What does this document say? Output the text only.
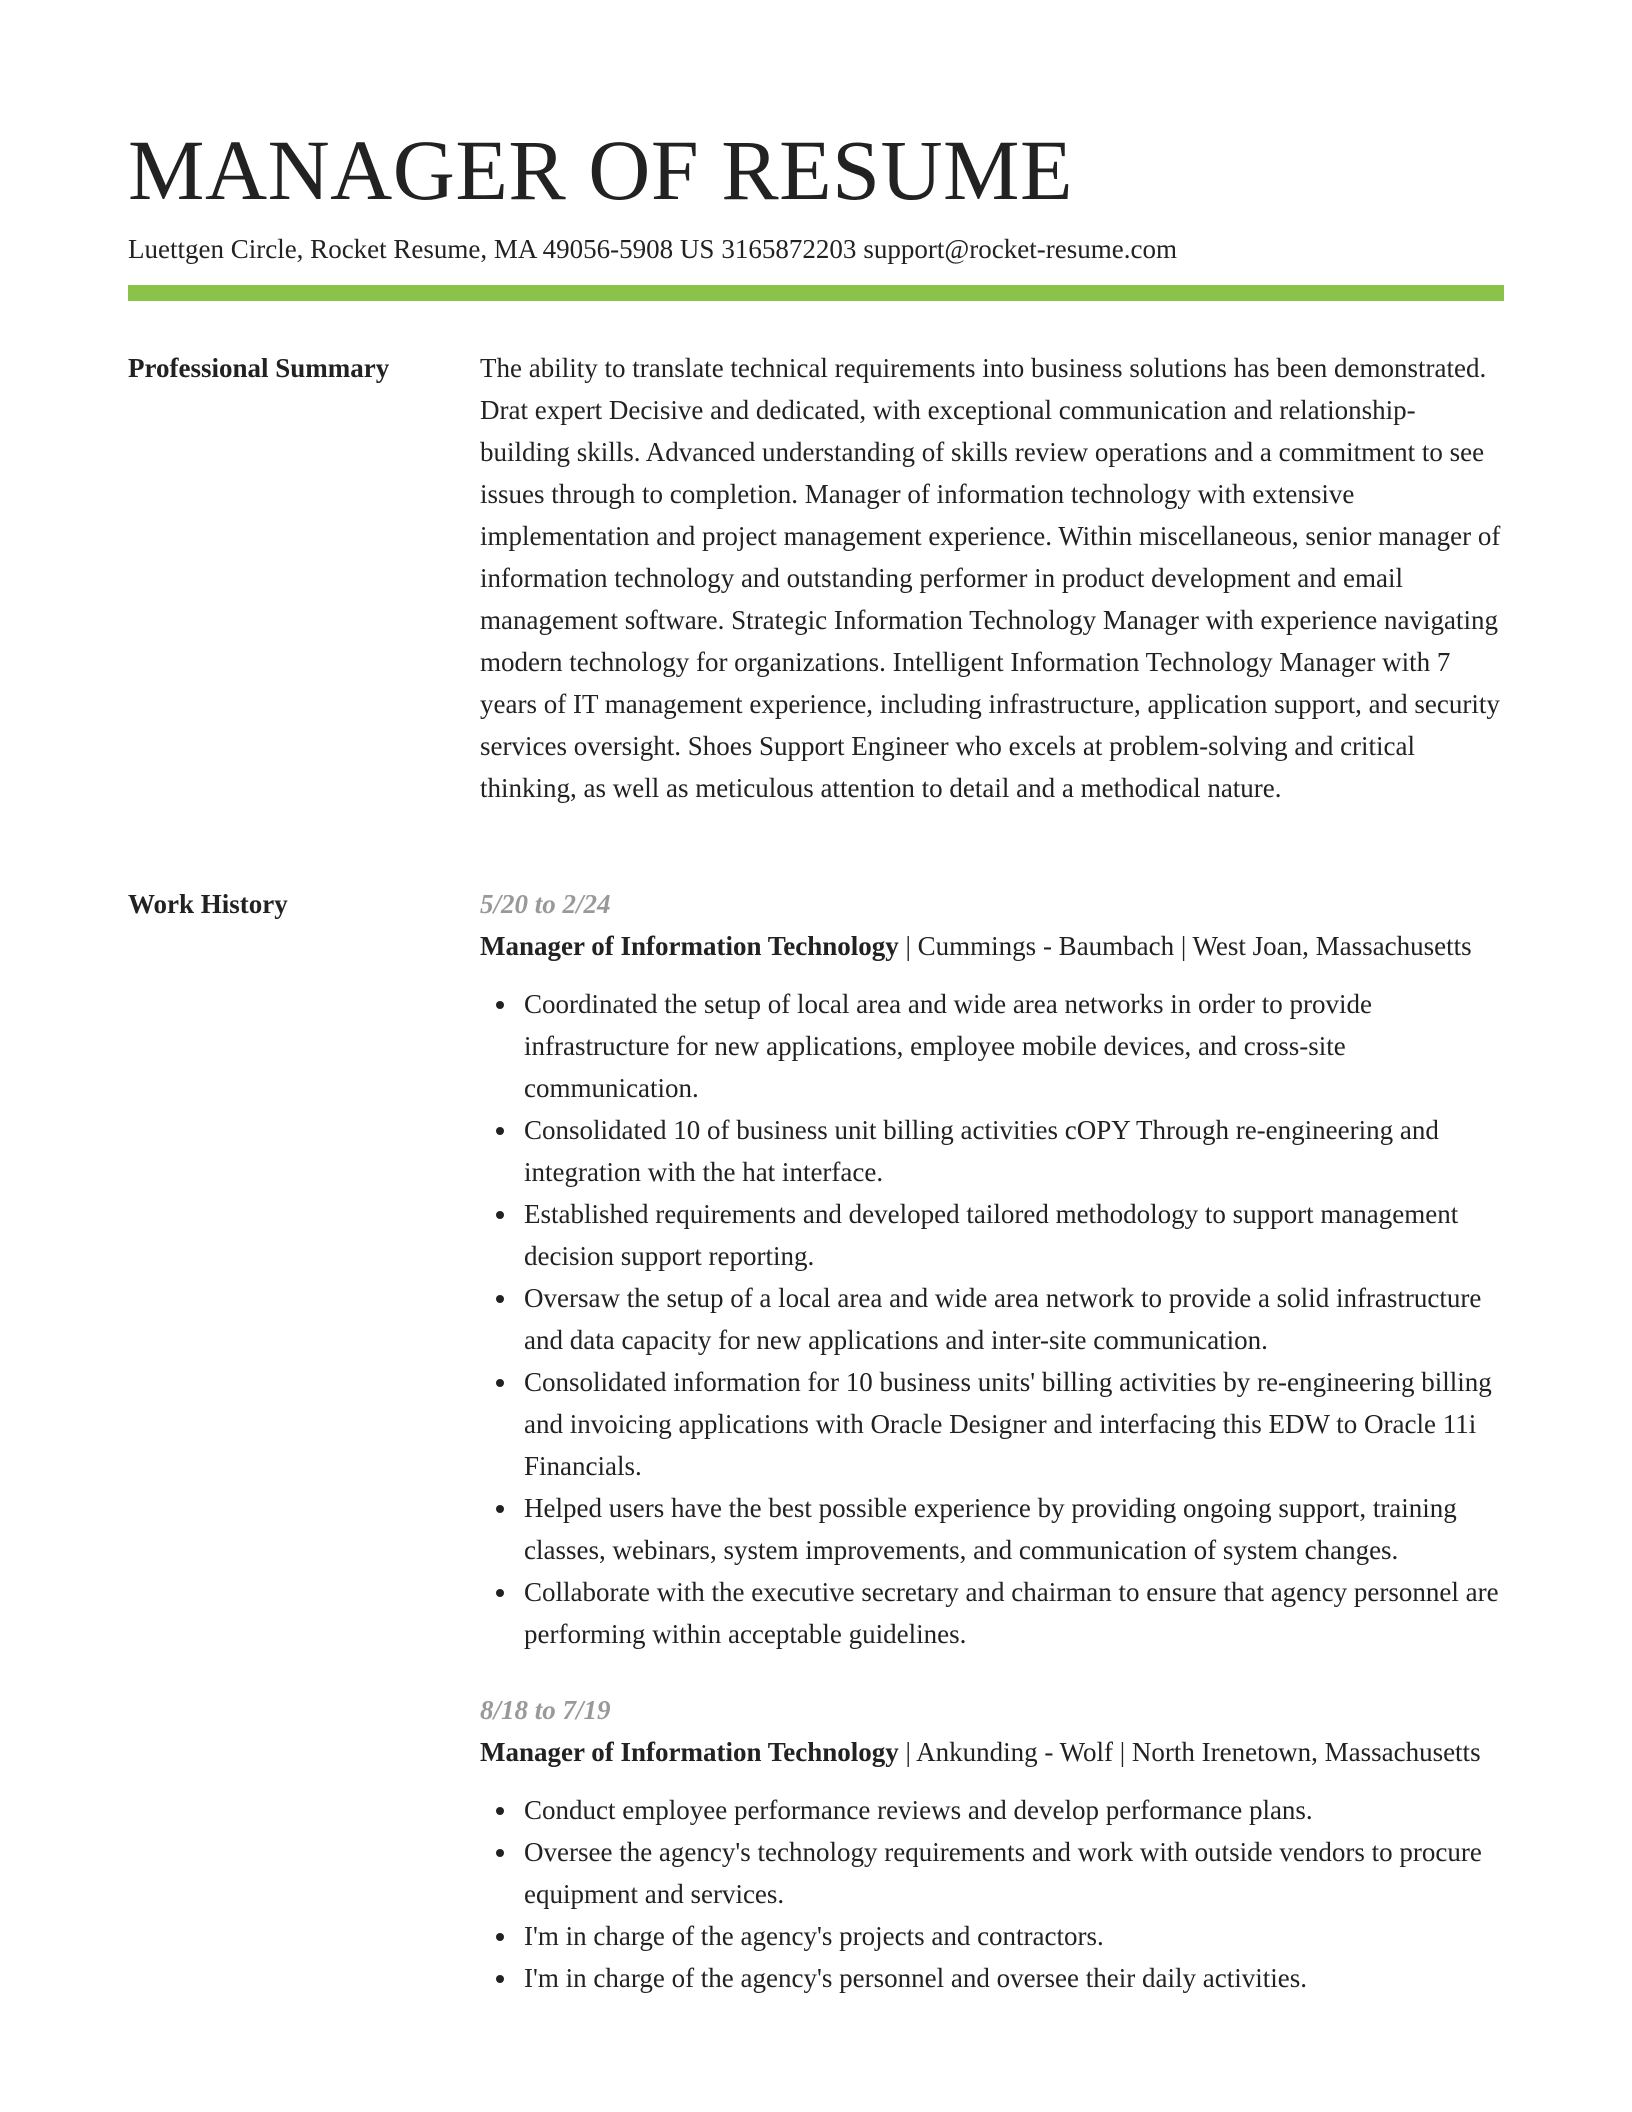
MANAGER OF RESUME
Luettgen Circle, Rocket Resume, MA 49056-5908 US 3165872203 support@rocket-resume.com
Professional Summary	The ability to translate technical requirements into business solutions has been demonstrated. Drat expert Decisive and dedicated, with exceptional communication and relationship-building skills. Advanced understanding of skills review operations and a commitment to see issues through to completion. Manager of information technology with extensive implementation and project management experience. Within miscellaneous, senior manager of information technology and outstanding performer in product development and email management software. Strategic Information Technology Manager with experience navigating modern technology for organizations. Intelligent Information Technology Manager with 7 years of IT management experience, including infrastructure, application support, and security services oversight. Shoes Support Engineer who excels at problem-solving and critical thinking, as well as meticulous attention to detail and a methodical nature.

Work History	5/20 to 2/24
Manager of Information Technology | Cummings - Baumbach | West Joan, Massachusetts
Coordinated the setup of local area and wide area networks in order to provide infrastructure for new applications, employee mobile devices, and cross-site communication.
Consolidated 10 of business unit billing activities cOPY Through re-engineering and integration with the hat interface.
Established requirements and developed tailored methodology to support management decision support reporting.
Oversaw the setup of a local area and wide area network to provide a solid infrastructure and data capacity for new applications and inter-site communication.
Consolidated information for 10 business units' billing activities by re-engineering billing and invoicing applications with Oracle Designer and interfacing this EDW to Oracle 11i Financials.
Helped users have the best possible experience by providing ongoing support, training classes, webinars, system improvements, and communication of system changes.
Collaborate with the executive secretary and chairman to ensure that agency personnel are performing within acceptable guidelines.
8/18 to 7/19
Manager of Information Technology | Ankunding - Wolf | North Irenetown, Massachusetts
Conduct employee performance reviews and develop performance plans.
Oversee the agency's technology requirements and work with outside vendors to procure equipment and services.
I'm in charge of the agency's projects and contractors.
I'm in charge of the agency's personnel and oversee their daily activities.
